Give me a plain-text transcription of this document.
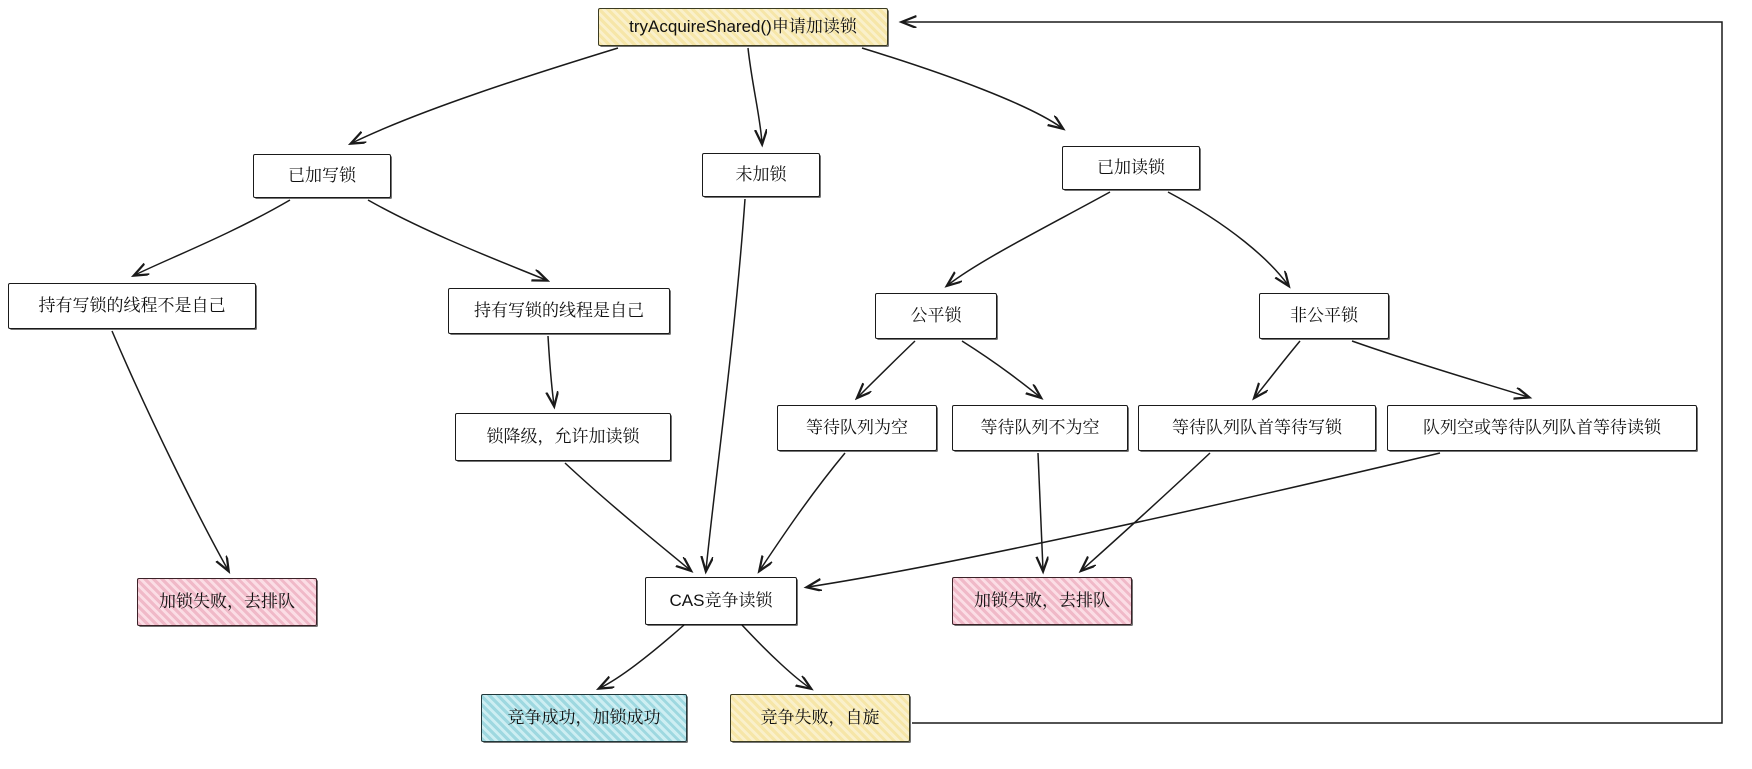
tryAcquireShared()申请加读锁
已加写锁	未加锁	已加读锁
持有写锁的线程不是自己	持有写锁的线程是自己	公平锁	非公平锁
锁降级，允许加读锁	等待队列为空	等待队列不为空	等待队列队首等待写锁	队列空或等待队列队首等待读锁
加锁失败，去排队	CAS竞争读锁	加锁失败，去排队
竞争成功，加锁成功	竞争失败，自旋
